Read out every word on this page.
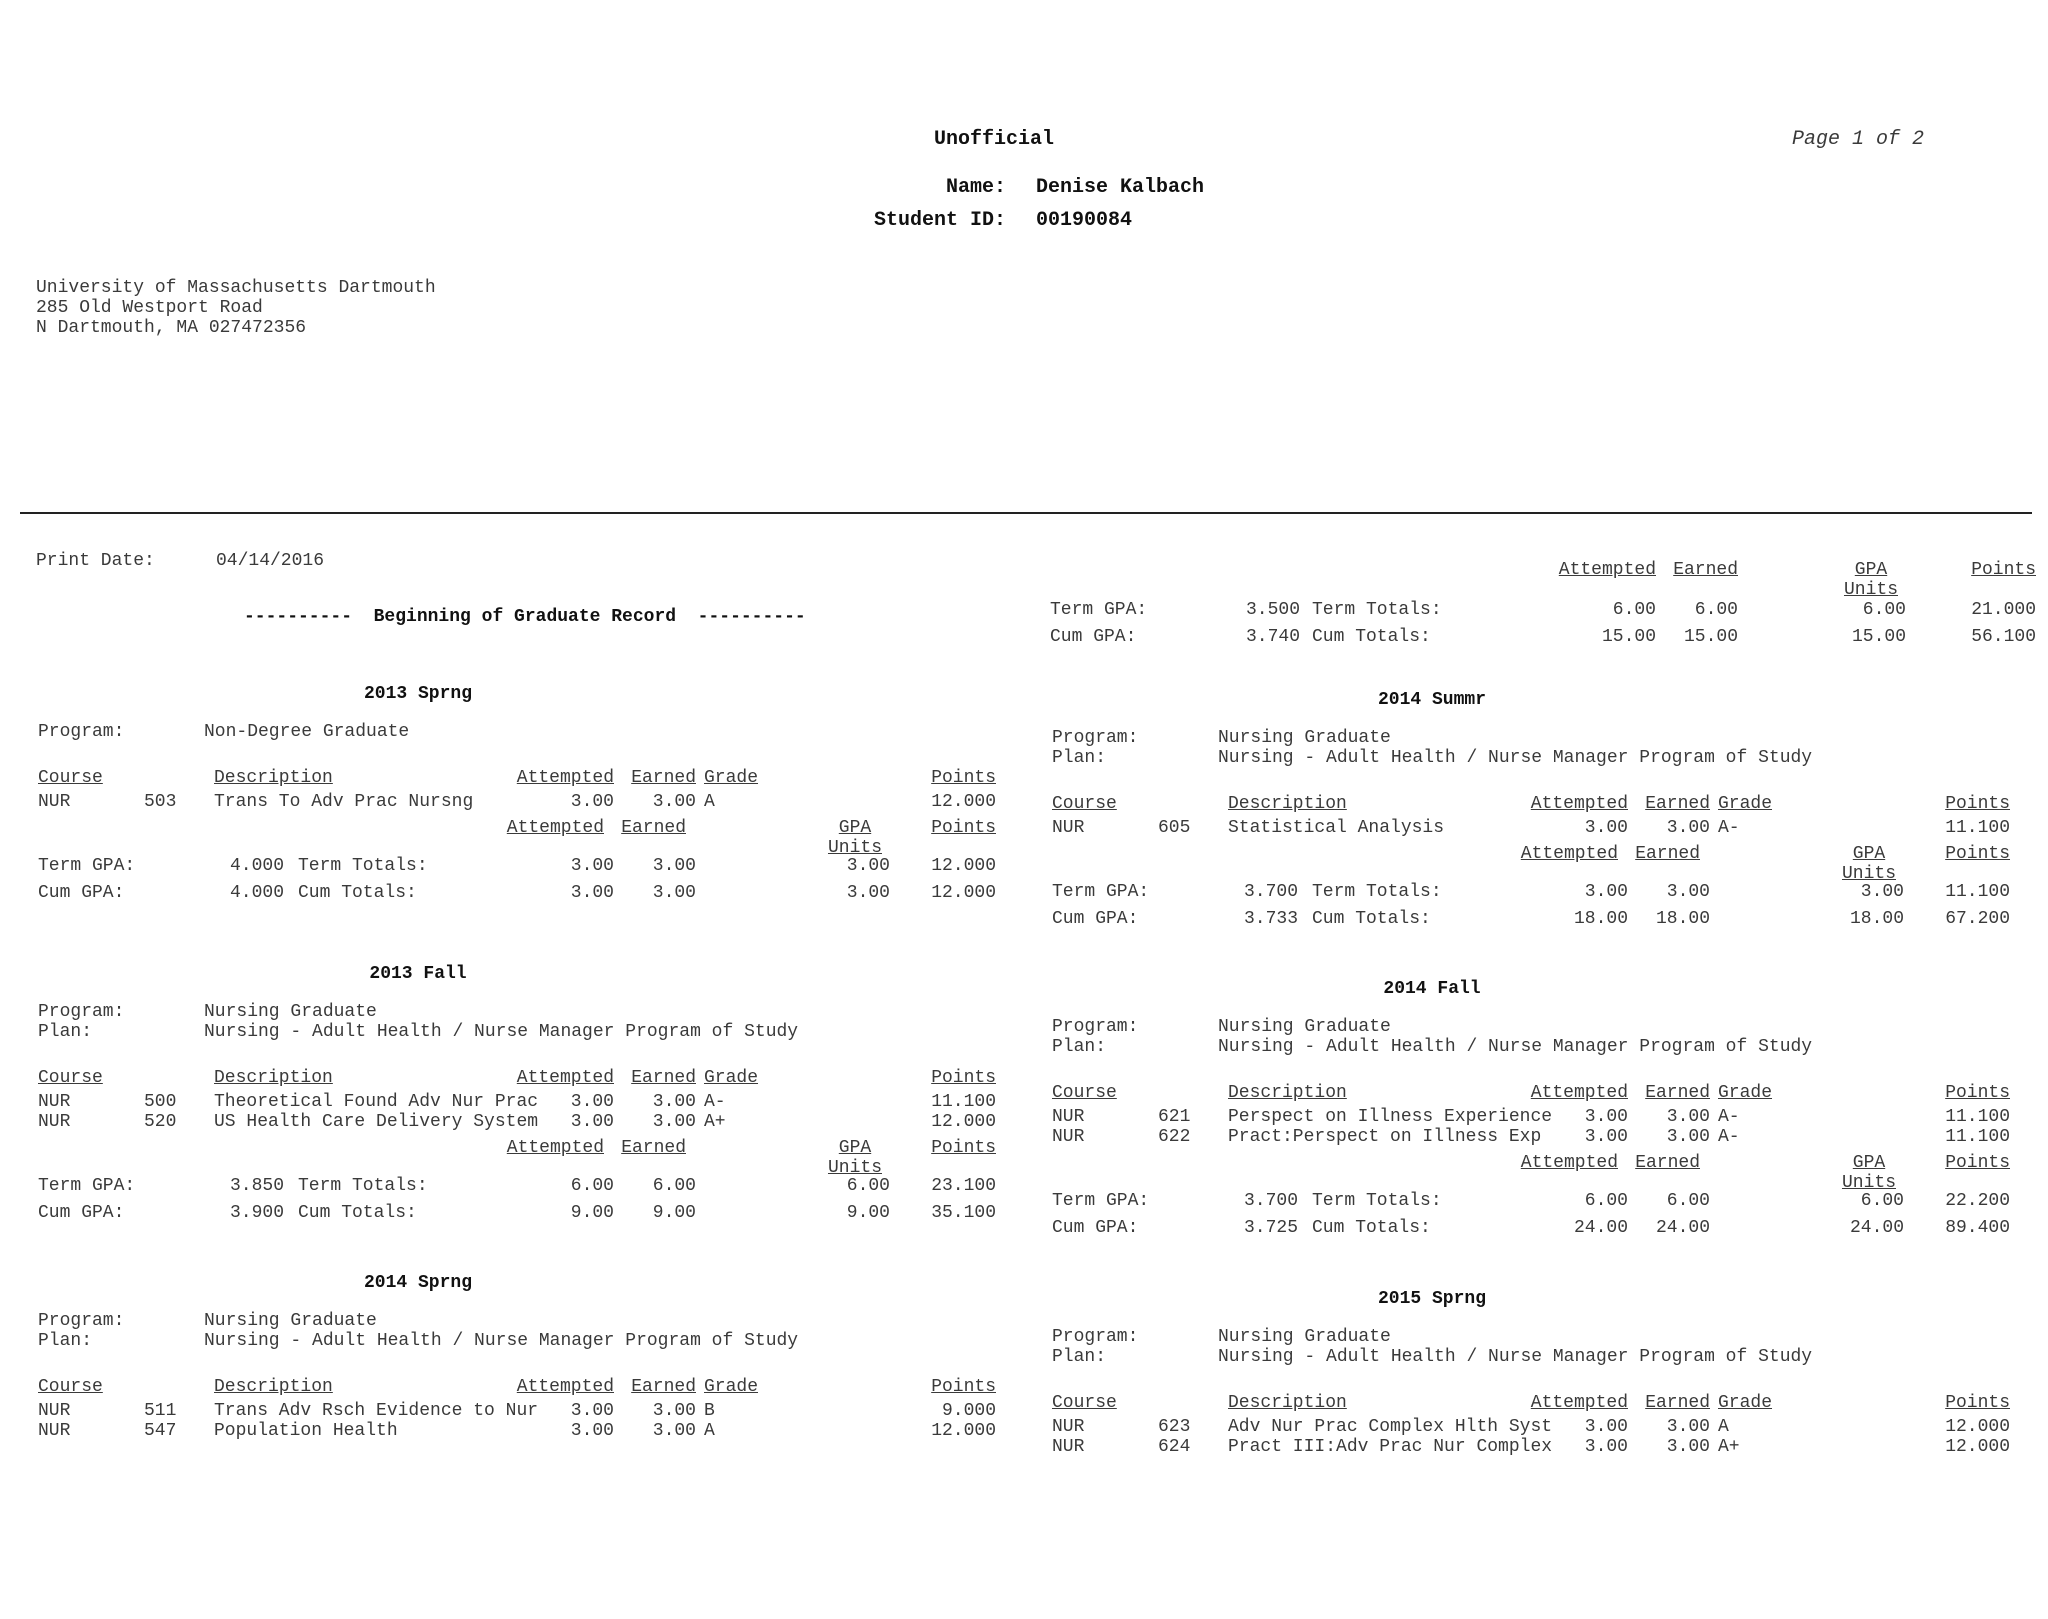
Unofficial	Page 1 of 2
Name: Denise Kalbach
Student ID: 00190084
University of Massachusetts Dartmouth
285 Old Westport Road
N Dartmouth, MA 027472356
Print Date:	04/14/2016
----------  Beginning of Graduate Record  ----------
Attempted Earned	GPA
Units
Points
Term GPA:	3.500 Term Totals:	6.00	6.00	6.00	21.000
Cum GPA:	3.740 Cum Totals:	15.00	15.00	15.00	56.100
2013 Sprng
Program:	Non-Degree Graduate
Course	Description	Attempted Earned Grade	Points
NUR	503 Trans To Adv Prac Nursng	3.00	3.00 A	12.000
Attempted Earned	GPA
Units
Points
Term GPA:	4.000 Term Totals:	3.00	3.00	3.00	12.000
Cum GPA:	4.000 Cum Totals:	3.00	3.00	3.00	12.000
2013 Fall
Program:	Nursing Graduate
Plan:	Nursing - Adult Health / Nurse Manager Program of Study
Course	Description	Attempted Earned Grade	Points
NUR	500 Theoretical Found Adv Nur Prac	3.00	3.00 A-	11.100
NUR	520 US Health Care Delivery System	3.00	3.00 A+	12.000
Attempted Earned	GPA
Units
Points
Term GPA:	3.850 Term Totals:	6.00	6.00	6.00	23.100
Cum GPA:	3.900 Cum Totals:	9.00	9.00	9.00	35.100
2014 Sprng
Program:	Nursing Graduate
Plan:	Nursing - Adult Health / Nurse Manager Program of Study
Course	Description	Attempted Earned Grade	Points
NUR	511 Trans Adv Rsch Evidence to Nur	3.00	3.00 B	9.000
NUR	547 Population Health	3.00	3.00 A	12.000
2014 Summr
Program:	Nursing Graduate
Plan:	Nursing - Adult Health / Nurse Manager Program of Study
Course	Description	Attempted Earned Grade	Points
NUR	605 Statistical Analysis	3.00	3.00 A-	11.100
Attempted Earned	GPA
Units
Points
Term GPA:	3.700 Term Totals:	3.00	3.00	3.00	11.100
Cum GPA:	3.733 Cum Totals:	18.00	18.00	18.00	67.200
2014 Fall
Program:	Nursing Graduate
Plan:	Nursing - Adult Health / Nurse Manager Program of Study
Course	Description	Attempted Earned Grade	Points
NUR	621 Perspect on Illness Experience	3.00	3.00 A-	11.100
NUR	622 Pract:Perspect on Illness Exp	3.00	3.00 A-	11.100
Attempted Earned	GPA
Units
Points
Term GPA:	3.700 Term Totals:	6.00	6.00	6.00	22.200
Cum GPA:	3.725 Cum Totals:	24.00	24.00	24.00	89.400
2015 Sprng
Program:	Nursing Graduate
Plan:	Nursing - Adult Health / Nurse Manager Program of Study
Course	Description	Attempted Earned Grade	Points
NUR	623 Adv Nur Prac Complex Hlth Syst	3.00	3.00 A	12.000
NUR	624 Pract III:Adv Prac Nur Complex	3.00	3.00 A+	12.000
